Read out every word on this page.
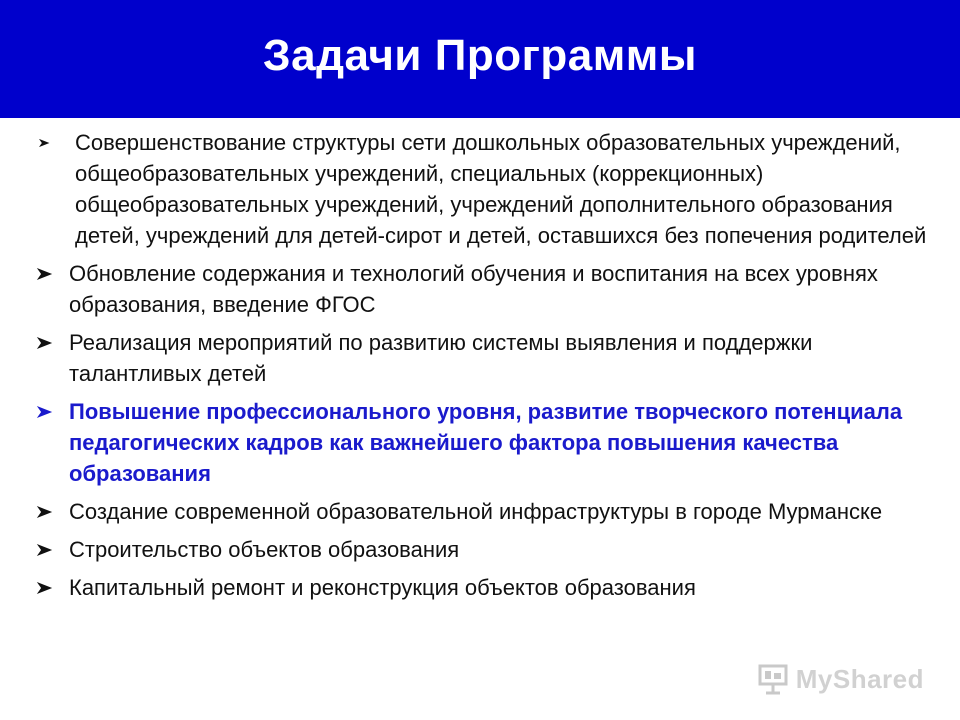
Задачи Программы
Совершенствование структуры сети дошкольных образовательных учреждений, общеобразовательных учреждений, специальных (коррекционных) общеобразовательных учреждений, учреждений дополнительного образования детей, учреждений для детей-сирот и детей, оставшихся без попечения родителей
Обновление содержания и технологий обучения и воспитания на всех уровнях образования, введение ФГОС
Реализация мероприятий по развитию системы выявления и поддержки талантливых детей
Повышение профессионального уровня, развитие творческого потенциала педагогических кадров как важнейшего фактора повышения качества образования
Создание современной образовательной инфраструктуры в городе Мурманске
Строительство объектов образования
Капитальный ремонт и реконструкция объектов образования
MyShared
